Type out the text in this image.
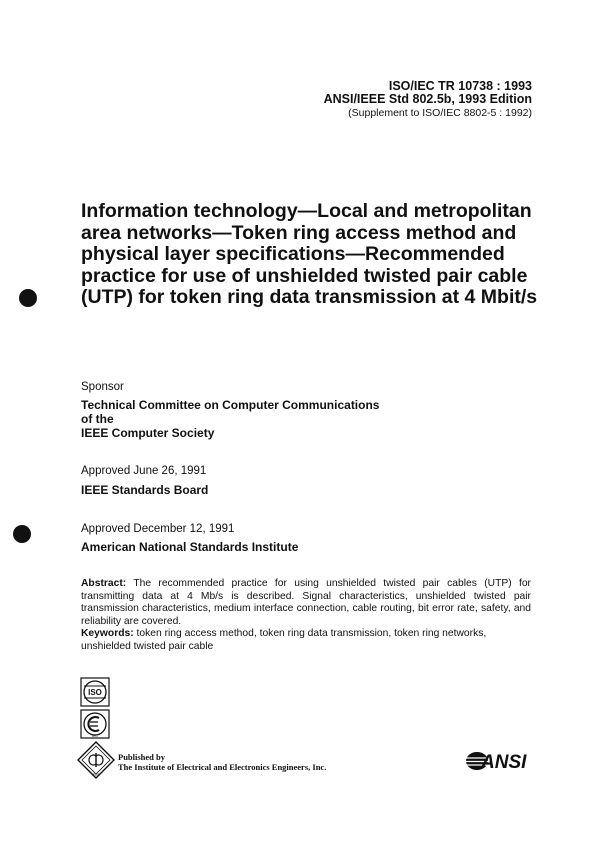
ISO/IEC TR 10738 : 1993
ANSI/IEEE Std 802.5b, 1993 Edition
(Supplement to ISO/IEC 8802-5 : 1992)
Information technology—Local and metropolitan
area networks—Token ring access method and
physical layer specifications—Recommended
practice for use of unshielded twisted pair cable
(UTP) for token ring data transmission at 4 Mbit/s
Sponsor
Technical Committee on Computer Communications
of the
IEEE Computer Society
Approved June 26, 1991
IEEE Standards Board
Approved December 12, 1991
American National Standards Institute

Abstract: The recommended practice for using unshielded twisted pair cables (UTP) for transmitting data at 4 Mb/s is described. Signal characteristics, unshielded twisted pair transmission characteristics, medium interface connection, cable routing, bit error rate, safety, and reliability are covered.

Keywords: token ring access method, token ring data transmission, token ring networks, unshielded twisted pair cable

ISO
IEC
IEEE
Published by
The Institute of Electrical and Electronics Engineers, Inc.	ANSI
